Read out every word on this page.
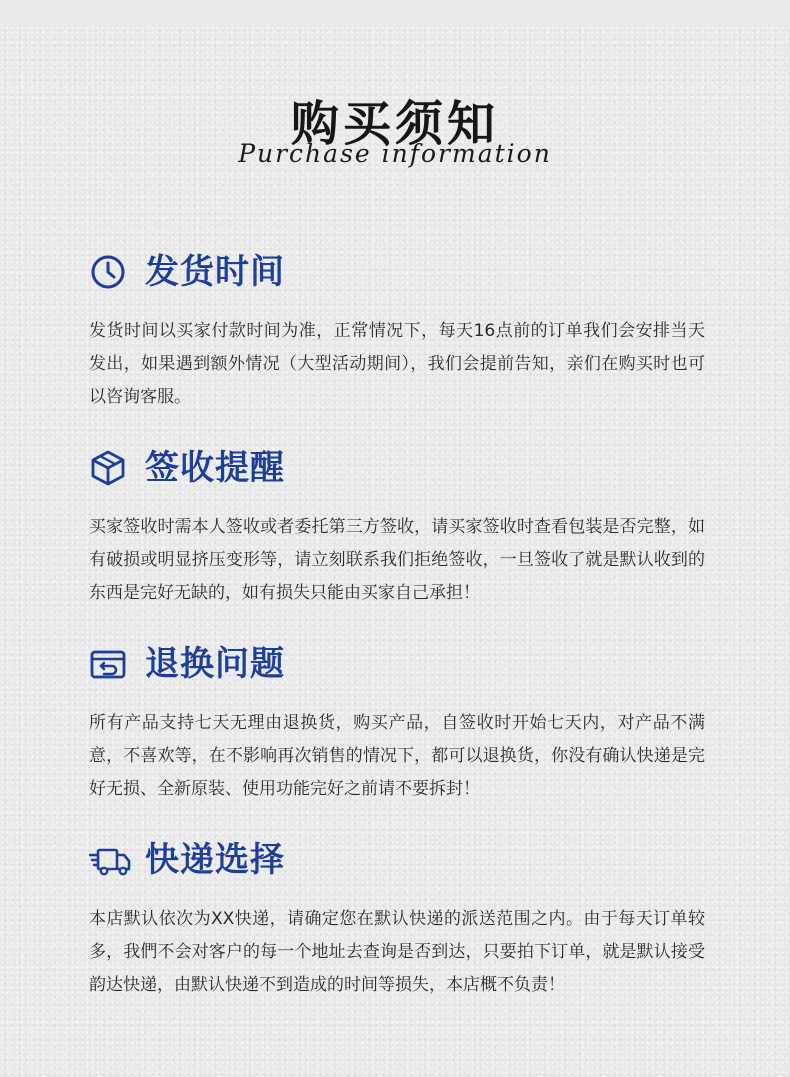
购买须知
Purchase information
发货时间
发货时间以买家付款时间为准，正常情况下，每天16点前的订单我们会安排当天发出，如果遇到额外情况（大型活动期间），我们会提前告知，亲们在购买时也可以咨询客服。
签收提醒
买家签收时需本人签收或者委托第三方签收，请买家签收时查看包装是否完整，如有破损或明显挤压变形等，请立刻联系我们拒绝签收，一旦签收了就是默认收到的东西是完好无缺的，如有损失只能由买家自己承担！
退换问题
所有产品支持七天无理由退换货，购买产品，自签收时开始七天内，对产品不满意，不喜欢等，在不影响再次销售的情况下，都可以退换货，你没有确认快递是完好无损、全新原装、使用功能完好之前请不要拆封！
快递选择
本店默认依次为XX快递，请确定您在默认快递的派送范围之内。由于每天订单较多，我們不会对客户的每一个地址去查询是否到达，只要拍下订单，就是默认接受韵达快递，由默认快递不到造成的时间等损失，本店概不负责！
